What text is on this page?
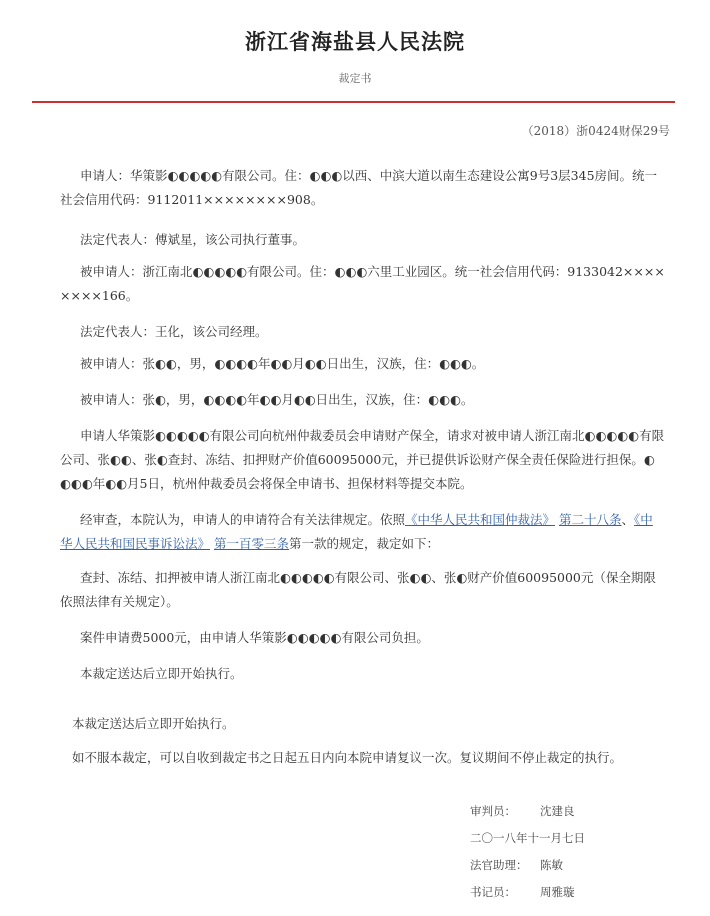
浙江省海盐县人民法院
裁定书
（2018）浙0424财保29号

申请人：华策影◐◐◐◐◐有限公司。住：◐◐◐以西、中滨大道以南生态建设公寓9号3层345房间。统一社会信用代码：9112011××××××××908。

法定代表人：傅斌星，该公司执行董事。

被申请人：浙江南北◐◐◐◐◐有限公司。住：◐◐◐六里工业园区。统一社会信用代码：9133042××××××××166。

法定代表人：王化，该公司经理。

被申请人：张◐◐，男，◐◐◐◐年◐◐月◐◐日出生，汉族，住：◐◐◐。

被申请人：张◐，男，◐◐◐◐年◐◐月◐◐日出生，汉族，住：◐◐◐。

申请人华策影◐◐◐◐◐有限公司向杭州仲裁委员会申请财产保全，请求对被申请人浙江南北◐◐◐◐◐有限公司、张◐◐、张◐查封、冻结、扣押财产价值60095000元，并已提供诉讼财产保全责任保险进行担保。◐◐◐◐年◐◐月5日，杭州仲裁委员会将保全申请书、担保材料等提交本院。

经审查，本院认为，申请人的申请符合有关法律规定。依照《中华人民共和国仲裁法》 第二十八条、《中华人民共和国民事诉讼法》 第一百零三条第一款的规定，裁定如下：

查封、冻结、扣押被申请人浙江南北◐◐◐◐◐有限公司、张◐◐、张◐财产价值60095000元（保全期限依照法律有关规定）。

案件申请费5000元，由申请人华策影◐◐◐◐◐有限公司负担。

本裁定送达后立即开始执行。

本裁定送达后立即开始执行。

如不服本裁定，可以自收到裁定书之日起五日内向本院申请复议一次。复议期间不停止裁定的执行。

审判员： 沈建良
二〇一八年十一月七日
法官助理： 陈敏
书记员： 周雅璇
